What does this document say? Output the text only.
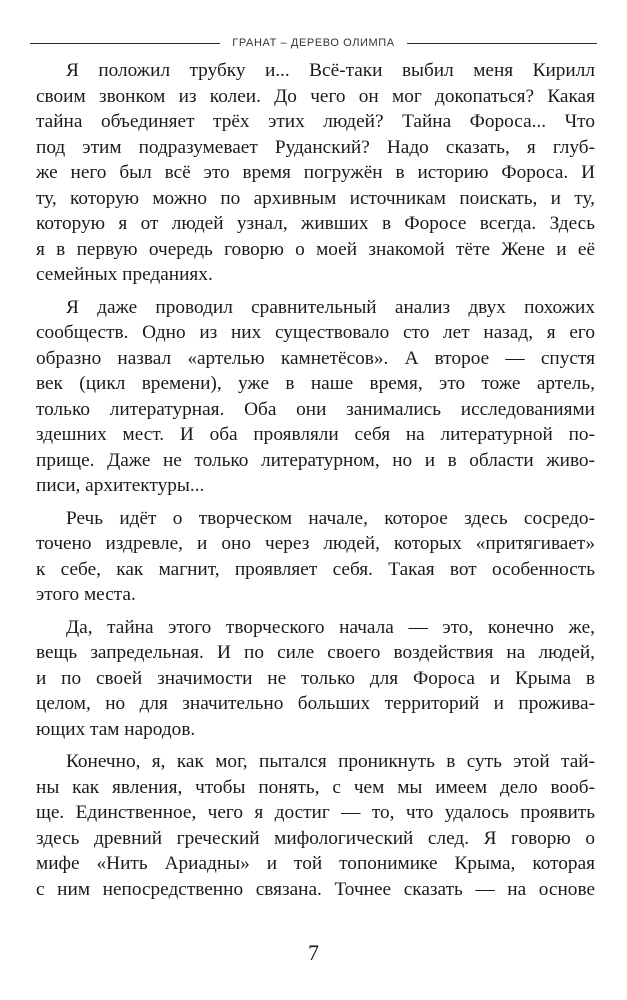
ГРАНАТ – ДЕРЕВО ОЛИМПА
Я положил трубку и... Всё-таки выбил меня Кирилл
своим звонком из колеи. До чего он мог докопаться? Какая
тайна объединяет трёх этих людей? Тайна Фороса... Что
под этим подразумевает Руданский? Надо сказать, я глуб-
же него был всё это время погружён в историю Фороса. И
ту, которую можно по архивным источникам поискать, и ту,
которую я от людей узнал, живших в Форосе всегда. Здесь
я в первую очередь говорю о моей знакомой тёте Жене и её
семейных преданиях.
Я даже проводил сравнительный анализ двух похожих
сообществ. Одно из них существовало сто лет назад, я его
образно назвал «артелью камнетёсов». А второе — спустя
век (цикл времени), уже в наше время, это тоже артель,
только литературная. Оба они занимались исследованиями
здешних мест. И оба проявляли себя на литературной по-
прище. Даже не только литературном, но и в области живо-
писи, архитектуры...
Речь идёт о творческом начале, которое здесь сосредо-
точено издревле, и оно через людей, которых «притягивает»
к себе, как магнит, проявляет себя. Такая вот особенность
этого места.
Да, тайна этого творческого начала — это, конечно же,
вещь запредельная. И по силе своего воздействия на людей,
и по своей значимости не только для Фороса и Крыма в
целом, но для значительно больших территорий и прожива-
ющих там народов.
Конечно, я, как мог, пытался проникнуть в суть этой тай-
ны как явления, чтобы понять, с чем мы имеем дело вооб-
ще. Единственное, чего я достиг — то, что удалось проявить
здесь древний греческий мифологический след. Я говорю о
мифе «Нить Ариадны» и той топонимике Крыма, которая
с ним непосредственно связана. Точнее сказать — на основе
7
